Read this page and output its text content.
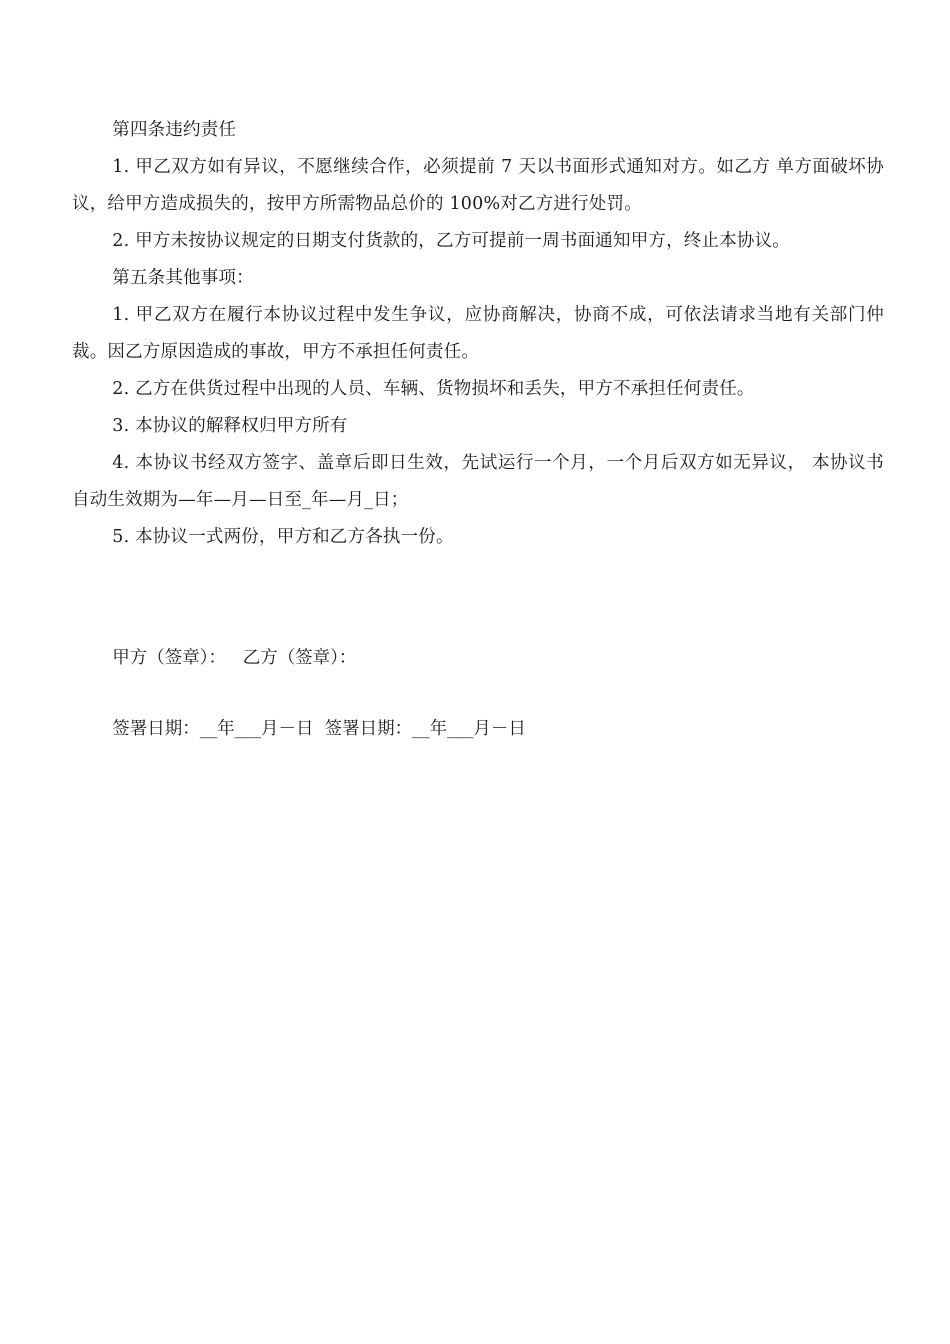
第四条违约责任

1. 甲乙双方如有异议，不愿继续合作，必须提前 7 天以书面形式通知对方。如乙方 单方面破坏协议，给甲方造成损失的，按甲方所需物品总价的 100%对乙方进行处罚。

2. 甲方未按协议规定的日期支付货款的，乙方可提前一周书面通知甲方，终止本协议。

第五条其他事项：

1. 甲乙双方在履行本协议过程中发生争议，应协商解决，协商不成，可依法请求当地有关部门仲裁。因乙方原因造成的事故，甲方不承担任何责任。

2. 乙方在供货过程中出现的人员、车辆、货物损坏和丢失，甲方不承担任何责任。

3. 本协议的解释权归甲方所有

4. 本协议书经双方签字、盖章后即日生效，先试运行一个月，一个月后双方如无异议， 本协议书自动生效期为—年—月—日至_年—月_日；

5. 本协议一式两份，甲方和乙方各执一份。

甲方（签章）：   乙方（签章）：

签署日期：__年___月－日  签署日期：__年___月－日
